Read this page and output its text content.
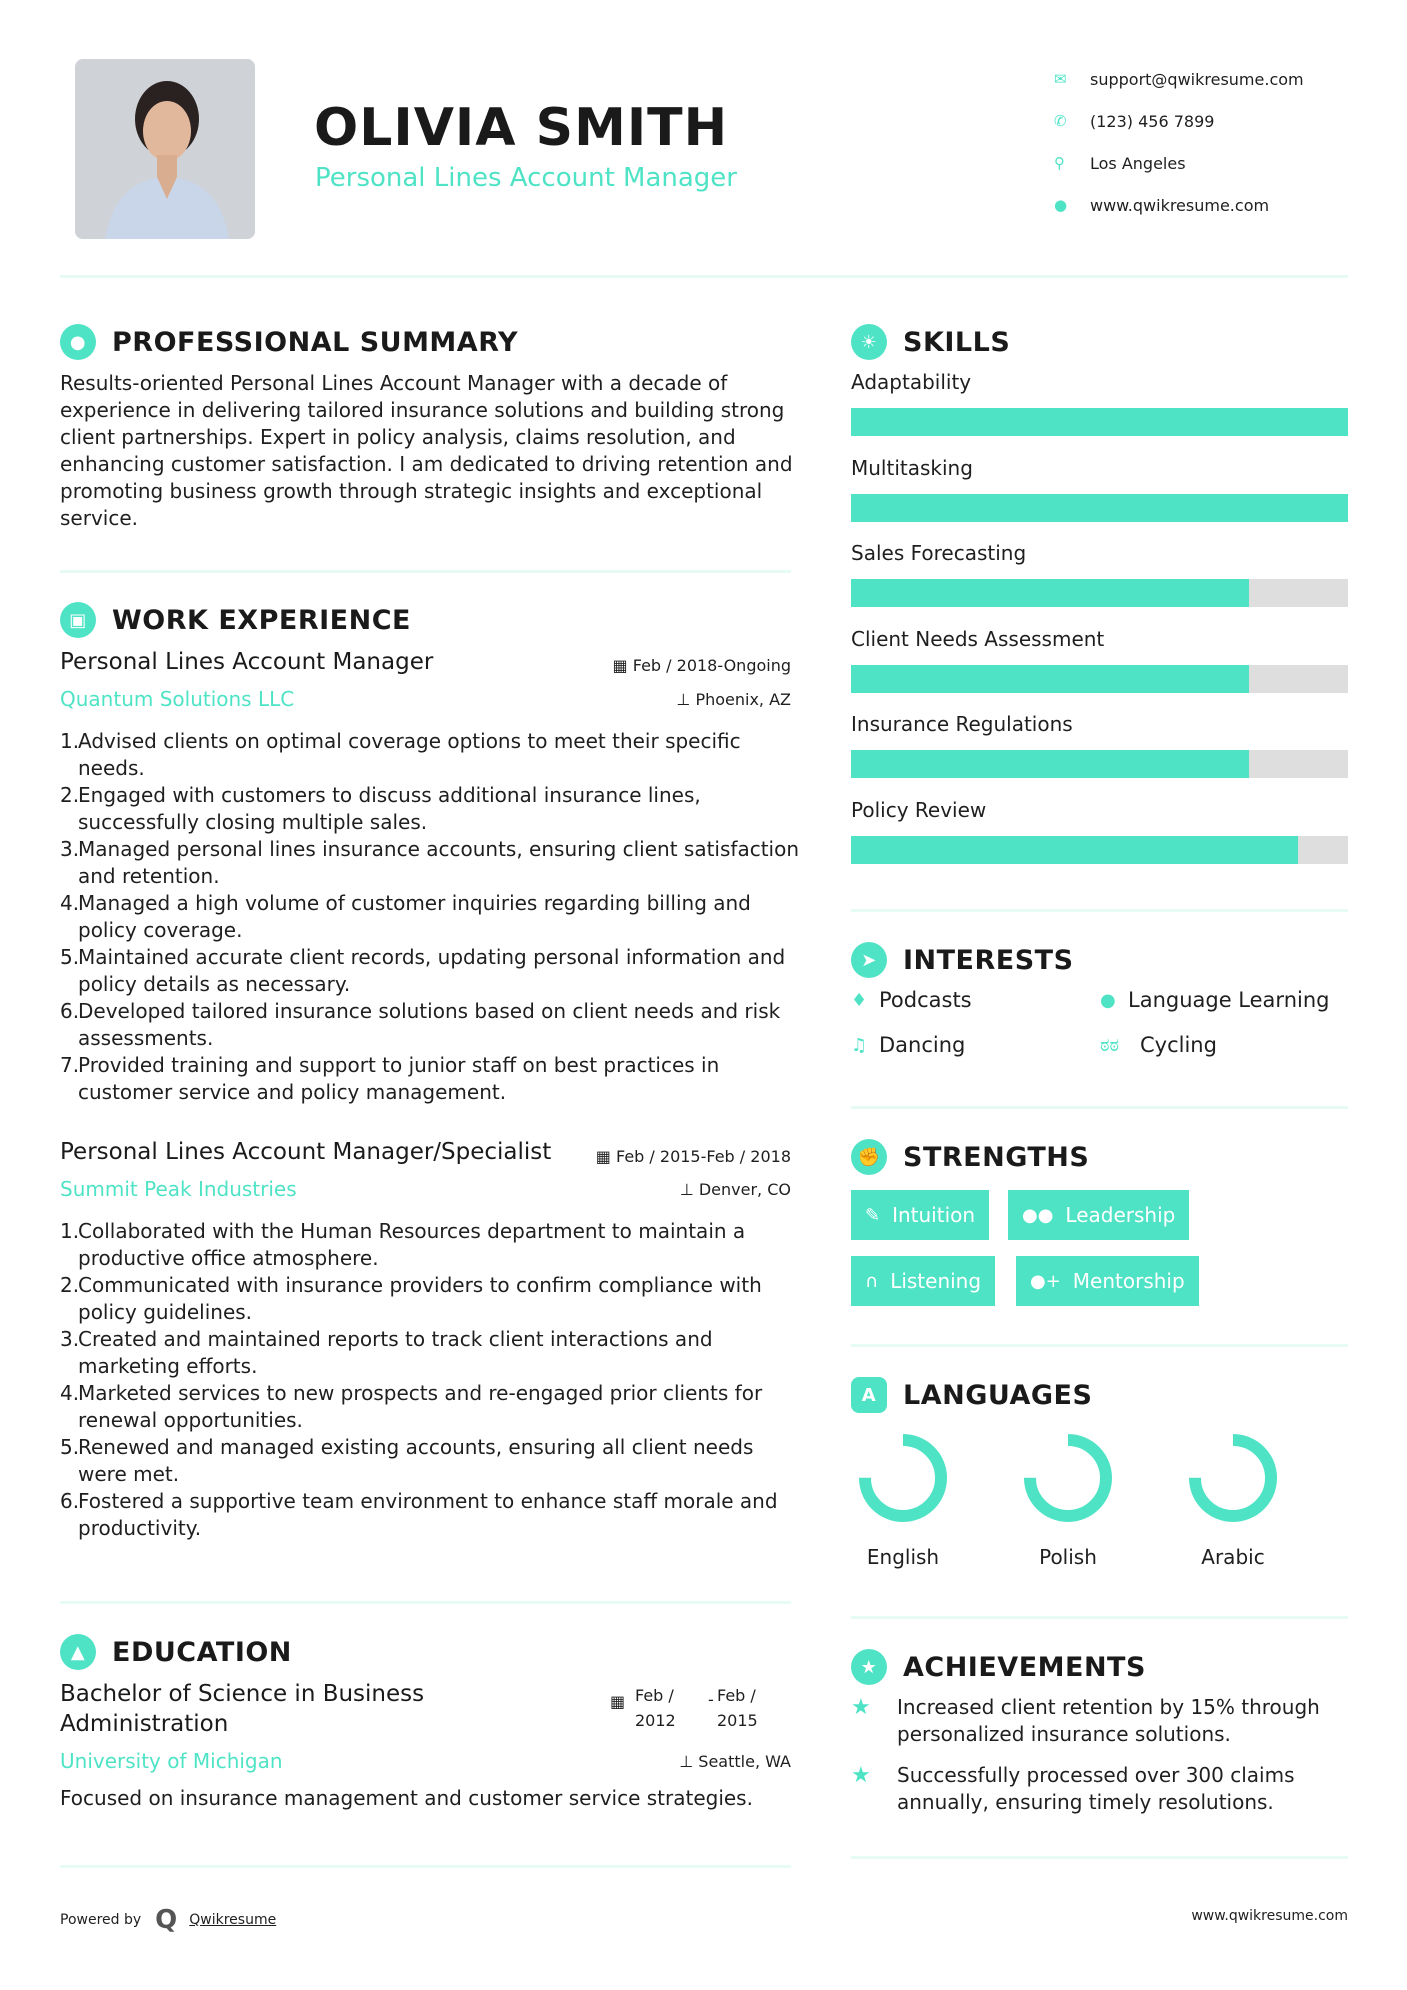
OLIVIA SMITH
Personal Lines Account Manager
✉	support@qwikresume.com
✆	(123) 456 7899
⚲	Los Angeles
●	www.qwikresume.com
● PROFESSIONAL SUMMARY
Results-oriented Personal Lines Account Manager with a decade of experience in delivering tailored insurance solutions and building strong client partnerships. Expert in policy analysis, claims resolution, and enhancing customer satisfaction. I am dedicated to driving retention and promoting business growth through strategic insights and exceptional service.
▣ WORK EXPERIENCE
Personal Lines Account Manager	▦ Feb / 2018-Ongoing
Quantum Solutions LLC	⊥ Phoenix, AZ
1.
Advised clients on optimal coverage options to meet their specific needs.
2.
Engaged with customers to discuss additional insurance lines, successfully closing multiple sales.
3.
Managed personal lines insurance accounts, ensuring client satisfaction and retention.
4.
Managed a high volume of customer inquiries regarding billing and policy coverage.
5.
Maintained accurate client records, updating personal information and policy details as necessary.
6.
Developed tailored insurance solutions based on client needs and risk assessments.
7.
Provided training and support to junior staff on best practices in customer service and policy management.
Personal Lines Account Manager/Specialist	▦ Feb / 2015-Feb / 2018
Summit Peak Industries	⊥ Denver, CO
1.
Collaborated with the Human Resources department to maintain a productive office atmosphere.
2.
Communicated with insurance providers to confirm compliance with policy guidelines.
3.
Created and maintained reports to track client interactions and marketing efforts.
4.
Marketed services to new prospects and re-engaged prior clients for renewal opportunities.
5.
Renewed and managed existing accounts, ensuring all client needs were met.
6.
Fostered a supportive team environment to enhance staff morale and productivity.
▲ EDUCATION
Bachelor of Science in Business
Administration
▦ Feb /
2012
- Feb /
2015
University of Michigan	⊥ Seattle, WA
Focused on insurance management and customer service strategies.
☀ SKILLS
Adaptability
Multitasking
Sales Forecasting
Client Needs Assessment
Insurance Regulations
Policy Review
➤ INTERESTS
♦ Podcasts	● Language Learning
♫ Dancing	ಠಠ Cycling
✊ STRENGTHS
✎ Intuition	●● Leadership
∩ Listening	●+ Mentorship
A LANGUAGES
English	Polish	Arabic
★ ACHIEVEMENTS
★	Increased client retention by 15% through
personalized insurance solutions.
★	Successfully processed over 300 claims
annually, ensuring timely resolutions.
Powered by Q Qwikresume	www.qwikresume.com
